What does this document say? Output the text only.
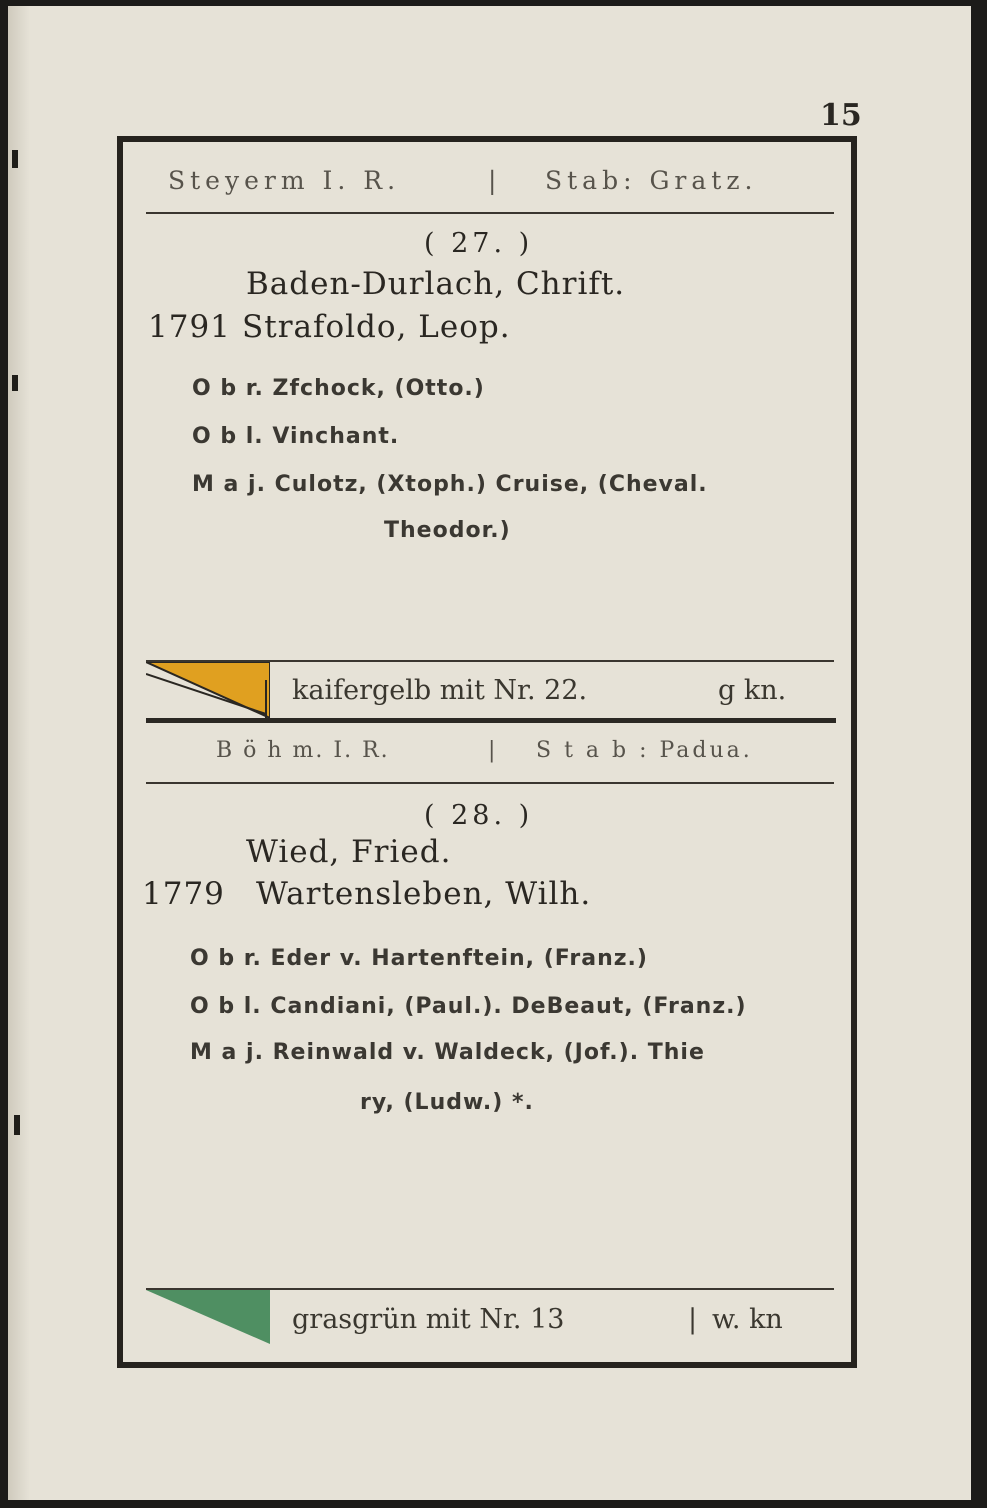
15
Steyerm I. R.	| Stab: Gratz.
( 27. )
Baden-Durlach, Chrift.
1791 Strafoldo, Leop.
O b r. Zfchock, (Otto.)
O b l. Vinchant.
M a j. Culotz, (Xtoph.) Cruise, (Cheval.
Theodor.)
kaifergelb mit Nr. 22.	g kn.
B ö h m. I. R.	| S t a b : Padua.
( 28. )
Wied, Fried.
1779 Wartensleben, Wilh.
O b r. Eder v. Hartenftein, (Franz.)
O b l. Candiani, (Paul.). DeBeaut, (Franz.)
M a j. Reinwald v. Waldeck, (Jof.). Thie
ry, (Ludw.) *.
grasgrün mit Nr. 13	| w. kn
